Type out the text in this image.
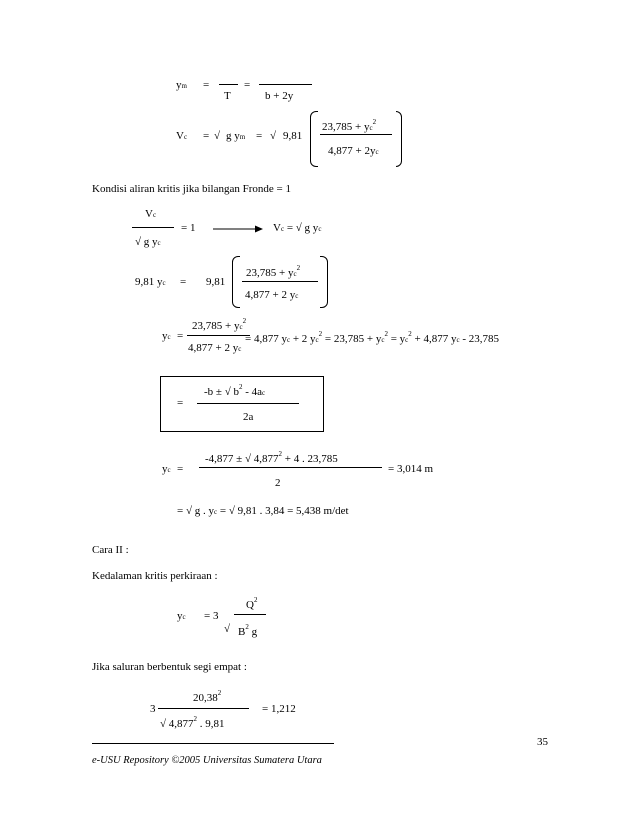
ym =
T
=
b + 2y
Vc = √ g ym = √ 9,81
$23,785 + yc^2$
4,877 + 2yc
Kondisi aliran kritis jika bilangan Fronde = 1
Vc
√ g yc
= 1	Vc = √ g yc
9,81 yc = 9,81
$23,785 + yc^2$
4,877 + 2 yc
yc =
$23,785 + yc^2$
4,877 + 2 yc
= 4,877 yc + 2 $yc^2 = 23,785 + yc^2 = yc^2 + 4,877$ yc - 23,785
=
-b ± √ $b^2 - 4ac$
2a
yc =
-4,877 ± √ $4,877^2 + 4$ . 23,785
2
= 3,014 m
= √ g . yc = √ 9,81 . 3,84 = 5,438 m/det
Cara II :
Kedalaman kritis perkiraan :
yc = 3
$Q^2$
√ $B^2$ g
Jika saluran berbentuk segi empat :
3
20,38$^2$
√ 4,877$^2$ . 9,81
= 1,212
35
e-USU Repository ©2005 Universitas Sumatera Utara
